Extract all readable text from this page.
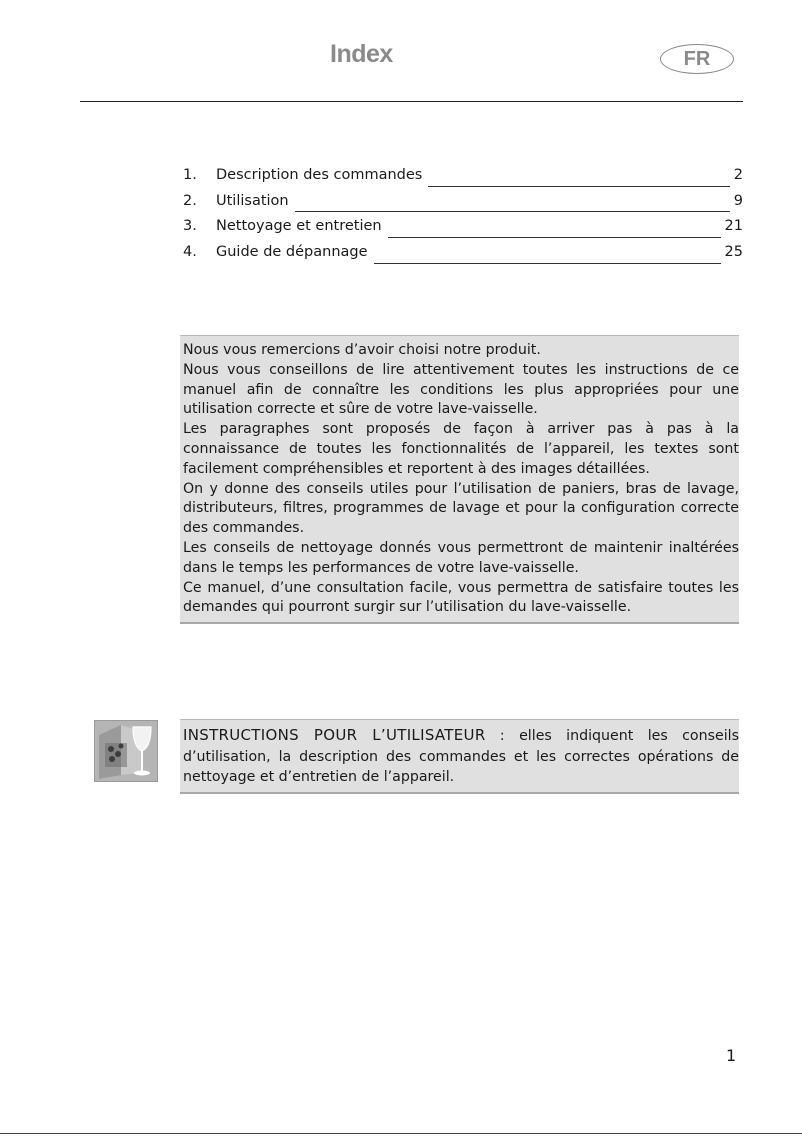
Index	FR
1.	Description des commandes	2
2.	Utilisation	9
3.	Nettoyage et entretien	21
4.	Guide de dépannage	25

Nous vous remercions d’avoir choisi notre produit.

Nous vous conseillons de lire attentivement toutes les instructions de ce manuel afin de connaître les conditions les plus appropriées pour une utilisation correcte et sûre de votre lave-vaisselle.

Les paragraphes sont proposés de façon à arriver pas à pas à la connaissance de toutes les fonctionnalités de l’appareil, les textes sont facilement compréhensibles et reportent à des images détaillées.

On y donne des conseils utiles pour l’utilisation de paniers, bras de lavage, distributeurs, filtres, programmes de lavage et pour la configuration correcte des commandes.

Les conseils de nettoyage donnés vous permettront de maintenir inaltérées dans le temps les performances de votre lave-vaisselle.

Ce manuel, d’une consultation facile, vous permettra de satisfaire toutes les demandes qui pourront surgir sur l’utilisation du lave-vaisselle.

INSTRUCTIONS POUR L’UTILISATEUR : elles indiquent les conseils d’utilisation, la description des commandes et les correctes opérations de nettoyage et d’entretien de l’appareil.
1
